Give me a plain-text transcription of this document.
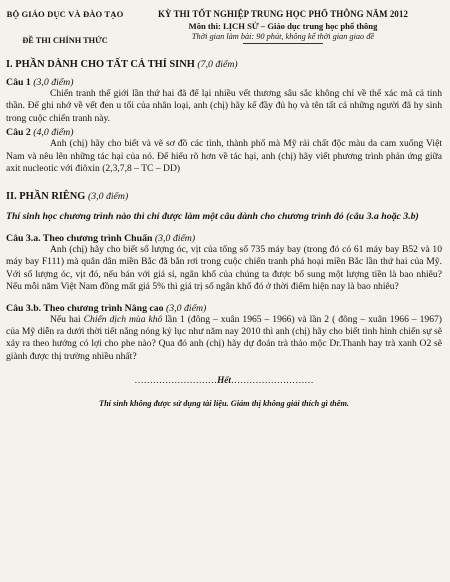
BỘ GIÁO DỤC VÀ ĐÀO TẠO
ĐỀ THI CHÍNH THỨC
KỲ THI TỐT NGHIỆP TRUNG HỌC PHỔ THÔNG NĂM 2012
Môn thi: LỊCH SỬ – Giáo dục trung học phổ thông
Thời gian làm bài: 90 phút, không kể thời gian giao đề
I. PHẦN DÀNH CHO TẤT CẢ THÍ SINH (7,0 điểm)
Câu 1 (3,0 điểm)

Chiến tranh thế giới lần thứ hai đã để lại nhiều vết thương sâu sắc không chỉ về thể xác mà cả tinh thần. Để ghi nhớ về vết đen u tối của nhân loại, anh (chị) hãy kể đầy đủ họ và tên tất cả những người đã hy sinh trong cuộc chiến tranh này.

Câu 2 (4,0 điểm)

Anh (chị) hãy cho biết và vẽ sơ đồ các tỉnh, thành phố mà Mỹ rải chất độc màu da cam xuống Việt Nam và nêu lên những tác hại của nó. Để hiểu rõ hơn về tác hại, anh (chị) hãy viết phương trình phản ứng giữa axit nucleotic với điôxin (2,3,7,8 – TC – DD)

II. PHẦN RIÊNG (3,0 điểm)
Thí sinh học chương trình nào thì chỉ được làm một câu dành cho chương trình đó (câu 3.a hoặc 3.b)
Câu 3.a. Theo chương trình Chuẩn (3,0 điểm)

Anh (chị) hãy cho biết số lượng óc, vịt của tổng số 735 máy bay (trong đó có 61 máy bay B52 và 10 máy bay F111) mà quân dân miền Bắc đã bắn rơi trong cuộc chiến tranh phá hoại miền Bắc lần thứ hai của Mỹ. Với số lượng óc, vịt đó, nếu bán với giá sỉ, ngân khố của chúng ta được bổ sung một lượng tiền là bao nhiêu? Nếu mỗi năm Việt Nam đồng mất giá 5% thì giá trị số ngân khố đó ở thời điểm hiện nay là bao nhiêu?

Câu 3.b. Theo chương trình Nâng cao (3,0 điểm)

Nếu hai Chiến dịch mùa khô lần 1 (đông – xuân 1965 – 1966) và lần 2 ( đông – xuân 1966 – 1967) của Mỹ diễn ra dưới thời tiết nắng nóng kỷ lục như năm nay 2010 thì anh (chị) hãy cho biết tình hình chiến sự sẽ xảy ra theo hướng có lợi cho phe nào? Qua đó anh (chị) hãy dự đoán trà thảo mộc Dr.Thanh hay trà xanh O2 sẽ giành được thị trường nhiều nhất?

………………………Hết………………………
Thí sinh không được sử dụng tài liệu. Giám thị không giải thích gì thêm.
